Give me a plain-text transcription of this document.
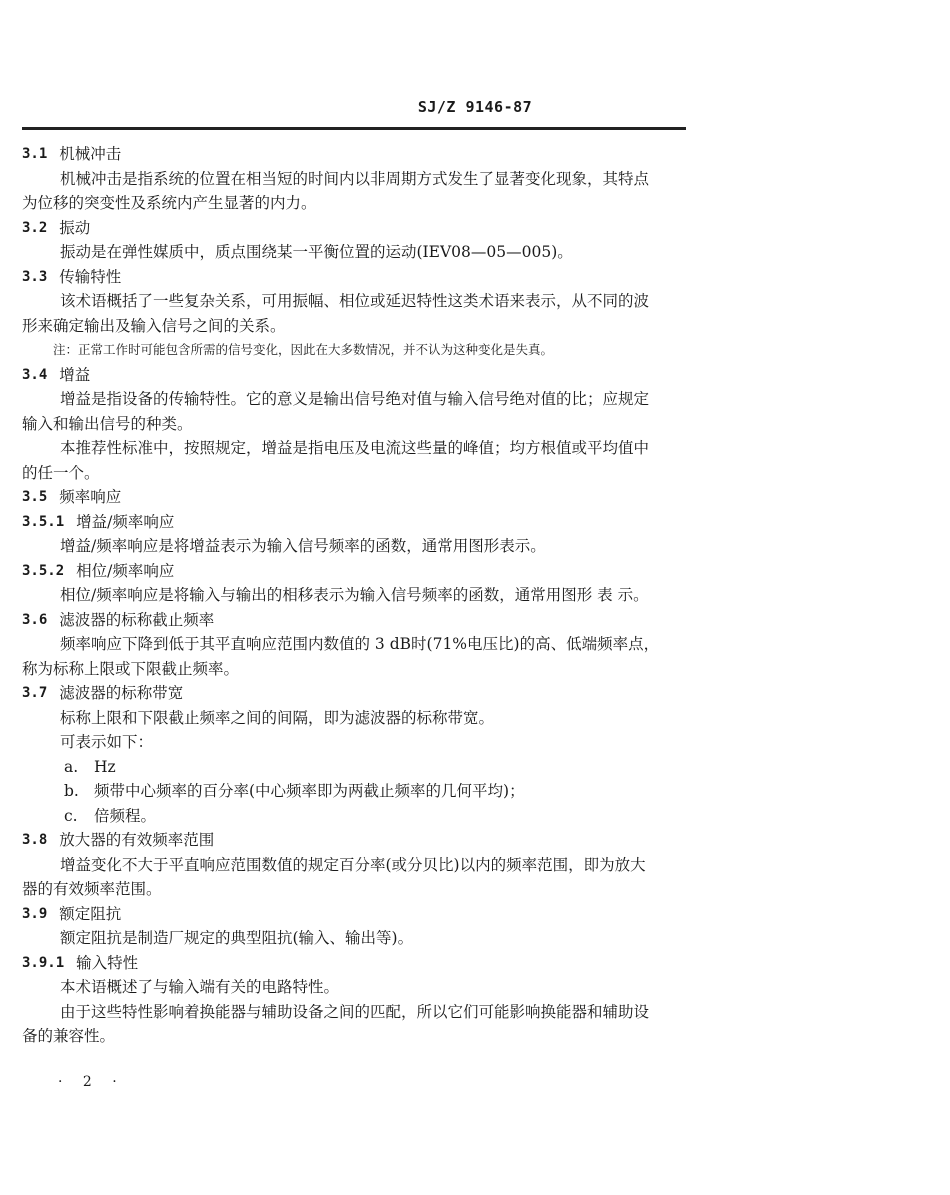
SJ/Z 9146-87
3.1 机械冲击
机械冲击是指系统的位置在相当短的时间内以非周期方式发生了显著变化现象，其特点
为位移的突变性及系统内产生显著的内力。
3.2 振动
振动是在弹性媒质中，质点围绕某一平衡位置的运动(IEV08—05—005)。
3.3 传输特性
该术语概括了一些复杂关系，可用振幅、相位或延迟特性这类术语来表示，从不同的波
形来确定输出及输入信号之间的关系。
注：正常工作时可能包含所需的信号变化，因此在大多数情况，并不认为这种变化是失真。
3.4 增益
增益是指设备的传输特性。它的意义是输出信号绝对值与输入信号绝对值的比；应规定
输入和输出信号的种类。
本推荐性标准中，按照规定，增益是指电压及电流这些量的峰值；均方根值或平均值中
的任一个。
3.5 频率响应
3.5.1 增益/频率响应
增益/频率响应是将增益表示为输入信号频率的函数，通常用图形表示。
3.5.2 相位/频率响应
相位/频率响应是将输入与输出的相移表示为输入信号频率的函数，通常用图形 表 示。
3.6 滤波器的标称截止频率
频率响应下降到低于其平直响应范围内数值的 3 dB时(71%电压比)的高、低端频率点，
称为标称上限或下限截止频率。
3.7 滤波器的标称带宽
标称上限和下限截止频率之间的间隔，即为滤波器的标称带宽。
可表示如下：
a. Hz
b. 频带中心频率的百分率(中心频率即为两截止频率的几何平均)；
c. 倍频程。
3.8 放大器的有效频率范围
增益变化不大于平直响应范围数值的规定百分率(或分贝比)以内的频率范围，即为放大
器的有效频率范围。
3.9 额定阻抗
额定阻抗是制造厂规定的典型阻抗(输入、输出等)。
3.9.1 输入特性
本术语概述了与输入端有关的电路特性。
由于这些特性影响着换能器与辅助设备之间的匹配，所以它们可能影响换能器和辅助设
备的兼容性。
· 2 ·
